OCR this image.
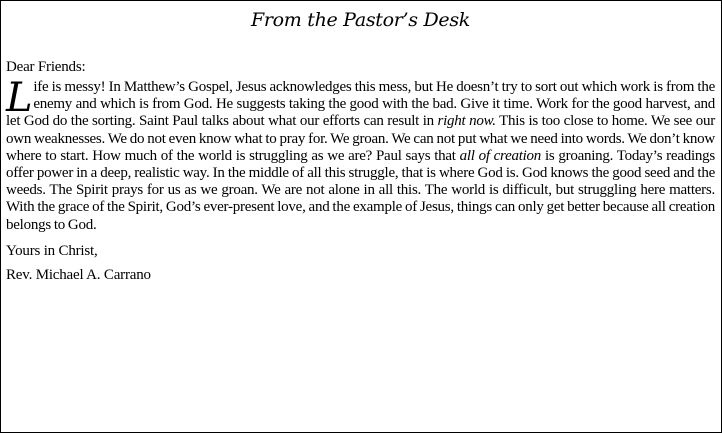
From the Pastor’s Desk
Dear Friends:
Life is messy! In Matthew’s Gospel, Jesus acknowledges this mess, but He doesn’t try to sort out which work is from the enemy and which is from God. He suggests taking the good with the bad. Give it time. Work for the good harvest, and let God do the sorting. Saint Paul talks about what our efforts can result in right now. This is too close to home. We see our own weaknesses. We do not even know what to pray for. We groan. We can not put what we need into words. We don’t know where to start. How much of the world is struggling as we are? Paul says that all of creation is groaning. Today’s readings offer power in a deep, realistic way. In the middle of all this struggle, that is where God is. God knows the good seed and the weeds. The Spirit prays for us as we groan. We are not alone in all this. The world is difficult, but struggling here matters. With the grace of the Spirit, God’s ever-present love, and the example of Jesus, things can only get better because all creation belongs to God.
Yours in Christ,
Rev. Michael A. Carrano
